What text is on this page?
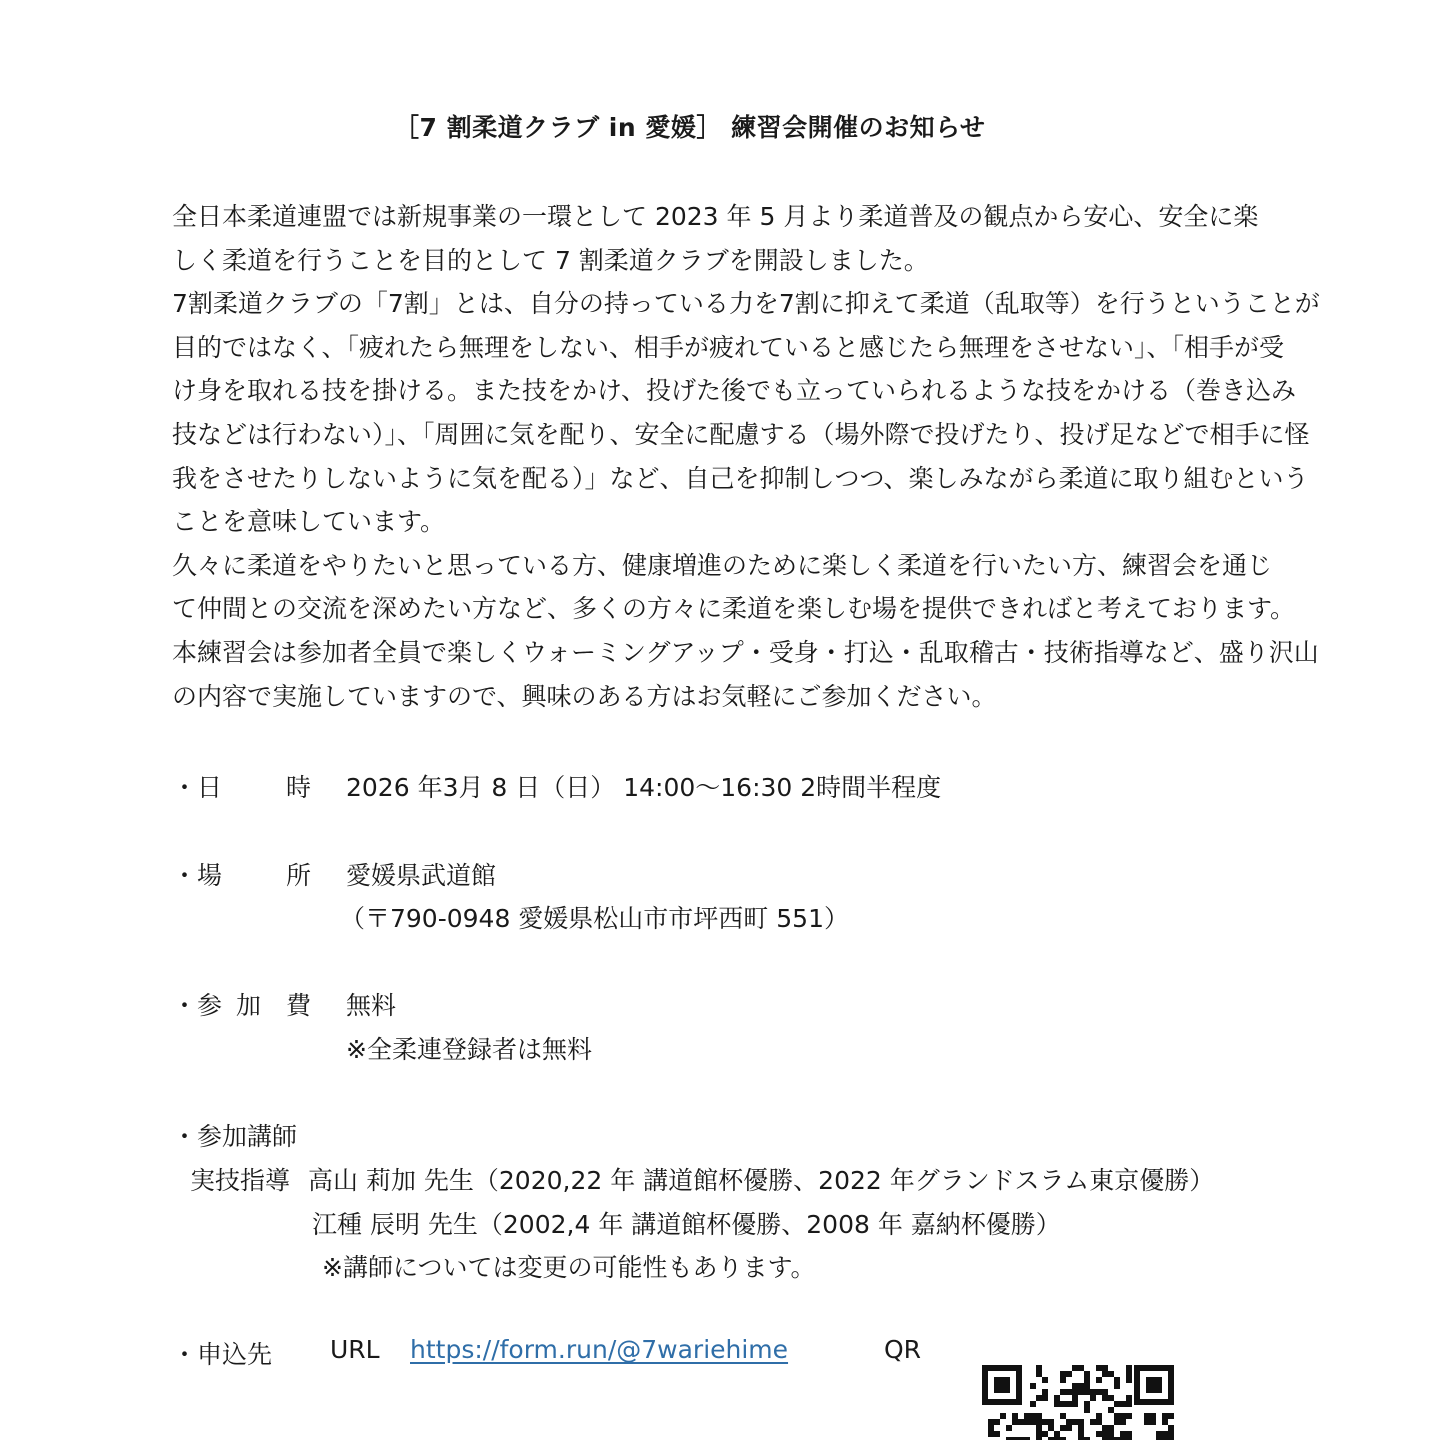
［7 割柔道クラブ in 愛媛］ 練習会開催のお知らせ
全日本柔道連盟では新規事業の一環として 2023 年 5 月より柔道普及の観点から安心、安全に楽
しく柔道を行うことを目的として 7 割柔道クラブを開設しました。
7割柔道クラブの「7割」とは、自分の持っている力を7割に抑えて柔道（乱取等）を行うということが
目的ではなく、「疲れたら無理をしない、相手が疲れていると感じたら無理をさせない」、「相手が受
け身を取れる技を掛ける。また技をかけ、投げた後でも立っていられるような技をかける（巻き込み
技などは行わない）」、「周囲に気を配り、安全に配慮する（場外際で投げたり、投げ足などで相手に怪
我をさせたりしないように気を配る）」など、自己を抑制しつつ、楽しみながら柔道に取り組むという
ことを意味しています。
久々に柔道をやりたいと思っている方、健康増進のために楽しく柔道を行いたい方、練習会を通じ
て仲間との交流を深めたい方など、多くの方々に柔道を楽しむ場を提供できればと考えております。
本練習会は参加者全員で楽しくウォーミングアップ・受身・打込・乱取稽古・技術指導など、盛り沢山
の内容で実施していますので、興味のある方はお気軽にご参加ください。
・日	時 2026 年3月 8 日（日） 14:00～16:30 2時間半程度
・場	所 愛媛県武道館
（〒790-0948 愛媛県松山市市坪西町 551）
・参 加 費 無料
※全柔連登録者は無料
・参加講師
実技指導 高山 莉加 先生（2020,22 年 講道館杯優勝、2022 年グランドスラム東京優勝）
江種 辰明 先生（2002,4 年 講道館杯優勝、2008 年 嘉納杯優勝）
※講師については変更の可能性もあります。
・申込先 URL https://form.run/@7wariehime	QR
